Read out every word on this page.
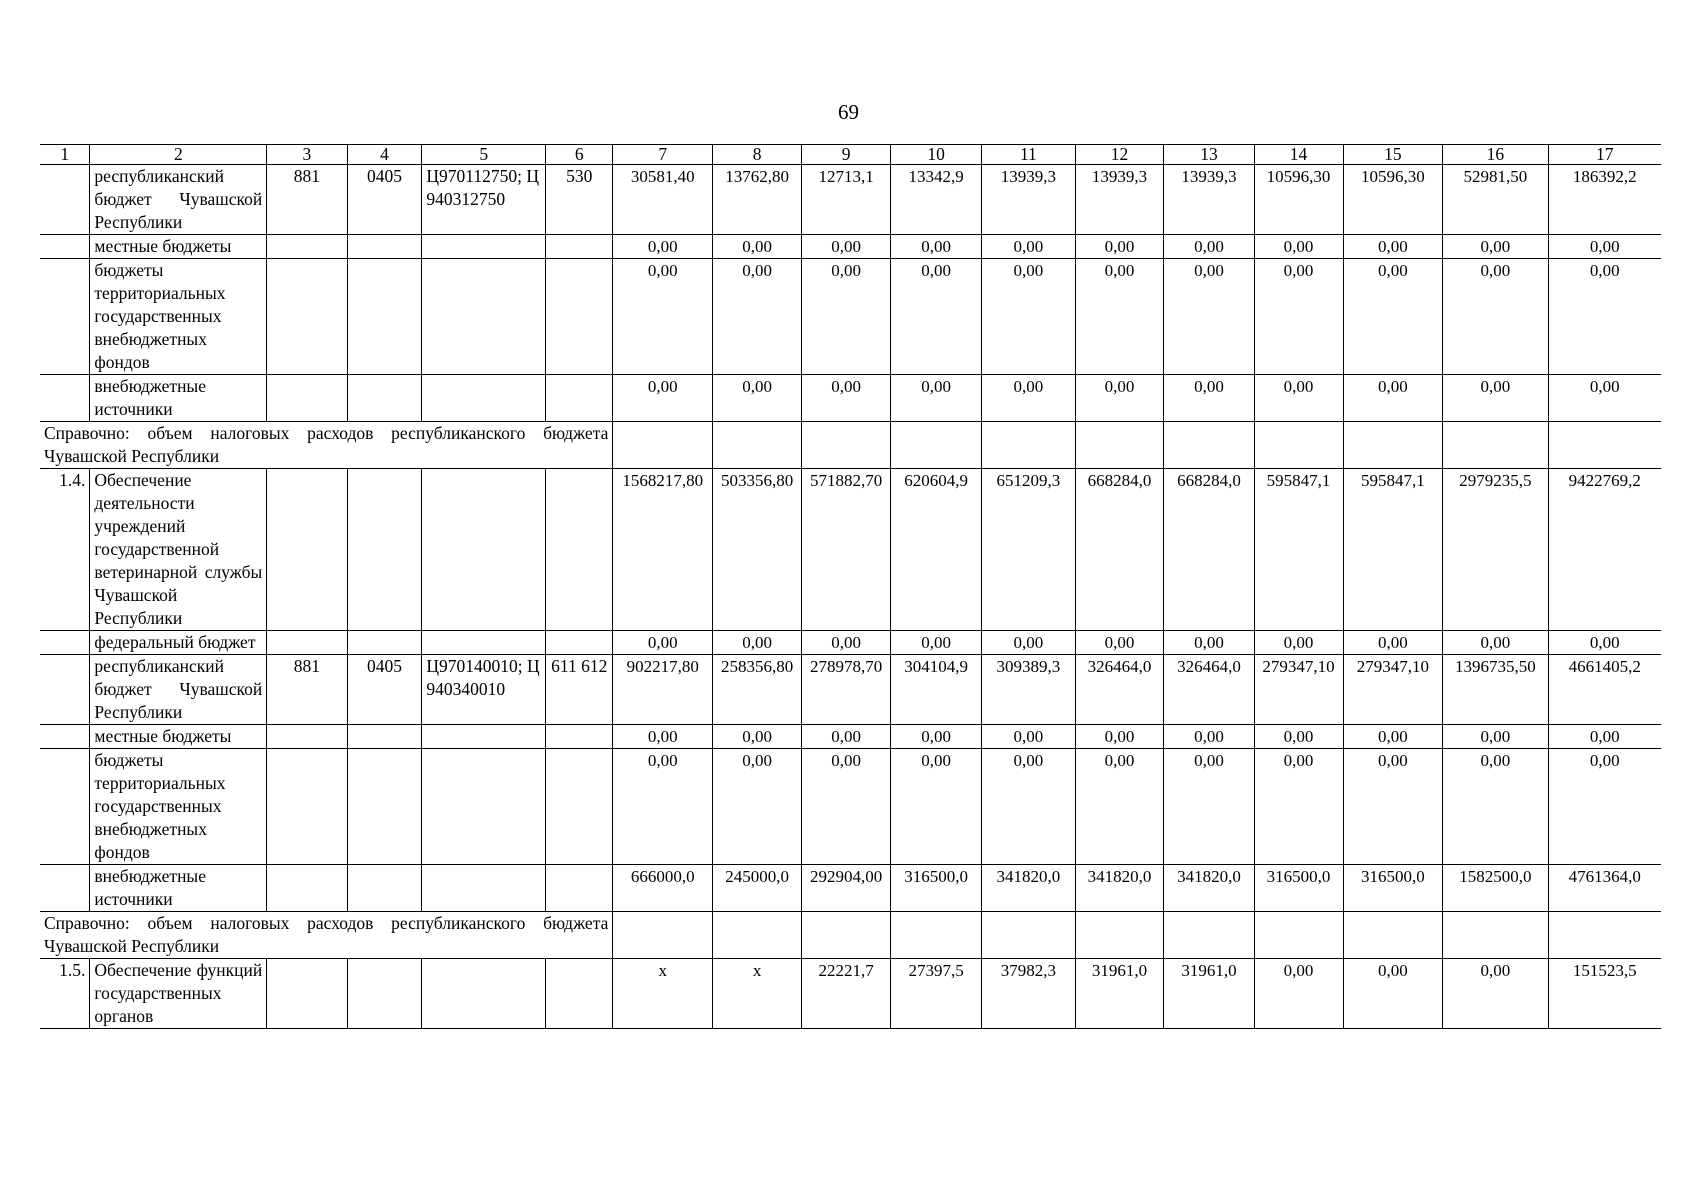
69
1	2	3	4	5	6	7	8	9	10	11	12	13	14	15	16	17
	республиканский бюджет Чувашской Республики	881	0405	Ц970112750; Ц940312750	530	30581,40	13762,80	12713,1	13342,9	13939,3	13939,3	13939,3	10596,30	10596,30	52981,50	186392,2
	местные бюджеты					0,00	0,00	0,00	0,00	0,00	0,00	0,00	0,00	0,00	0,00	0,00
	бюджеты территориальных государственных внебюджетных фондов					0,00	0,00	0,00	0,00	0,00	0,00	0,00	0,00	0,00	0,00	0,00
	внебюджетные источники					0,00	0,00	0,00	0,00	0,00	0,00	0,00	0,00	0,00	0,00	0,00
Справочно: объем налоговых расходов республиканского бюджета Чувашской Республики																
1.4.	Обеспечение деятельности учреждений государственной ветеринарной службы Чувашской Республики					1568217,80	503356,80	571882,70	620604,9	651209,3	668284,0	668284,0	595847,1	595847,1	2979235,5	9422769,2
	федеральный бюджет					0,00	0,00	0,00	0,00	0,00	0,00	0,00	0,00	0,00	0,00	0,00
	республиканский бюджет Чувашской Республики	881	0405	Ц970140010; Ц940340010	611 612	902217,80	258356,80	278978,70	304104,9	309389,3	326464,0	326464,0	279347,10	279347,10	1396735,50	4661405,2
	местные бюджеты					0,00	0,00	0,00	0,00	0,00	0,00	0,00	0,00	0,00	0,00	0,00
	бюджеты территориальных государственных внебюджетных фондов					0,00	0,00	0,00	0,00	0,00	0,00	0,00	0,00	0,00	0,00	0,00
	внебюджетные источники					666000,0	245000,0	292904,00	316500,0	341820,0	341820,0	341820,0	316500,0	316500,0	1582500,0	4761364,0
Справочно: объем налоговых расходов республиканского бюджета Чувашской Республики																
1.5.	Обеспечение функций государственных органов					х	х	22221,7	27397,5	37982,3	31961,0	31961,0	0,00	0,00	0,00	151523,5
